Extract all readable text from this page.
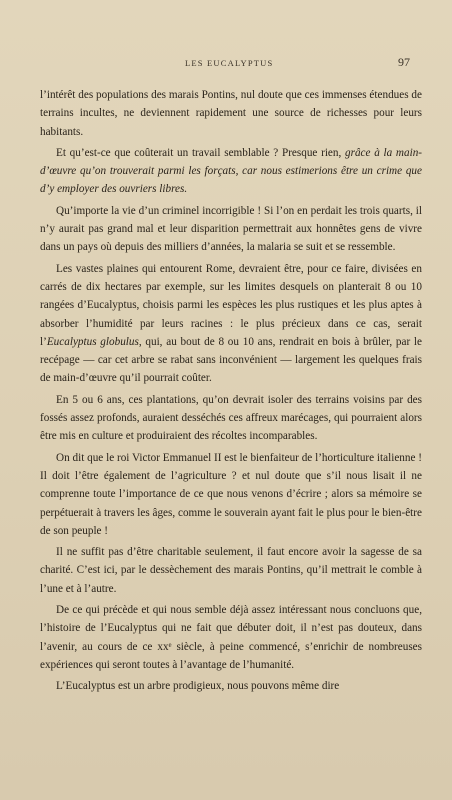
LES EUCALYPTUS	97

l’intérêt des populations des marais Pontins, nul doute que ces immenses étendues de terrains incultes, ne deviennent rapidement une source de richesses pour leurs habitants.

Et qu’est-ce que coûterait un travail semblable ? Presque rien, grâce à la main-d’œuvre qu’on trouverait parmi les forçats, car nous estimerions être un crime que d’y employer des ouvriers libres.

Qu’importe la vie d’un criminel incorrigible ! Si l’on en perdait les trois quarts, il n’y aurait pas grand mal et leur disparition permettrait aux honnêtes gens de vivre dans un pays où depuis des milliers d’années, la malaria se suit et se ressemble.

Les vastes plaines qui entourent Rome, devraient être, pour ce faire, divisées en carrés de dix hectares par exemple, sur les limites desquels on planterait 8 ou 10 rangées d’Eucalyptus, choisis parmi les espèces les plus rustiques et les plus aptes à absorber l’humidité par leurs racines : le plus précieux dans ce cas, serait l’Eucalyptus globulus, qui, au bout de 8 ou 10 ans, rendrait en bois à brûler, par le recépage — car cet arbre se rabat sans inconvénient — largement les quelques frais de main-d’œuvre qu’il pourrait coûter.

En 5 ou 6 ans, ces plantations, qu’on devrait isoler des terrains voisins par des fossés assez profonds, auraient desséchés ces affreux marécages, qui pourraient alors être mis en culture et produiraient des récoltes incomparables.

On dit que le roi Victor Emmanuel II est le bienfaiteur de l’horticulture italienne ! Il doit l’être également de l’agriculture ? et nul doute que s’il nous lisait il ne comprenne toute l’importance de ce que nous venons d’écrire ; alors sa mémoire se perpétuerait à travers les âges, comme le souverain ayant fait le plus pour le bien-être de son peuple !

Il ne suffit pas d’être charitable seulement, il faut encore avoir la sagesse de sa charité. C’est ici, par le dessèchement des marais Pontins, qu’il mettrait le comble à l’une et à l’autre.

De ce qui précède et qui nous semble déjà assez intéressant nous concluons que, l’histoire de l’Eucalyptus qui ne fait que débuter doit, il n’est pas douteux, dans l’avenir, au cours de ce xxᵉ siècle, à peine commencé, s’enrichir de nombreuses expériences qui seront toutes à l’avantage de l’humanité.

L’Eucalyptus est un arbre prodigieux, nous pouvons même dire
